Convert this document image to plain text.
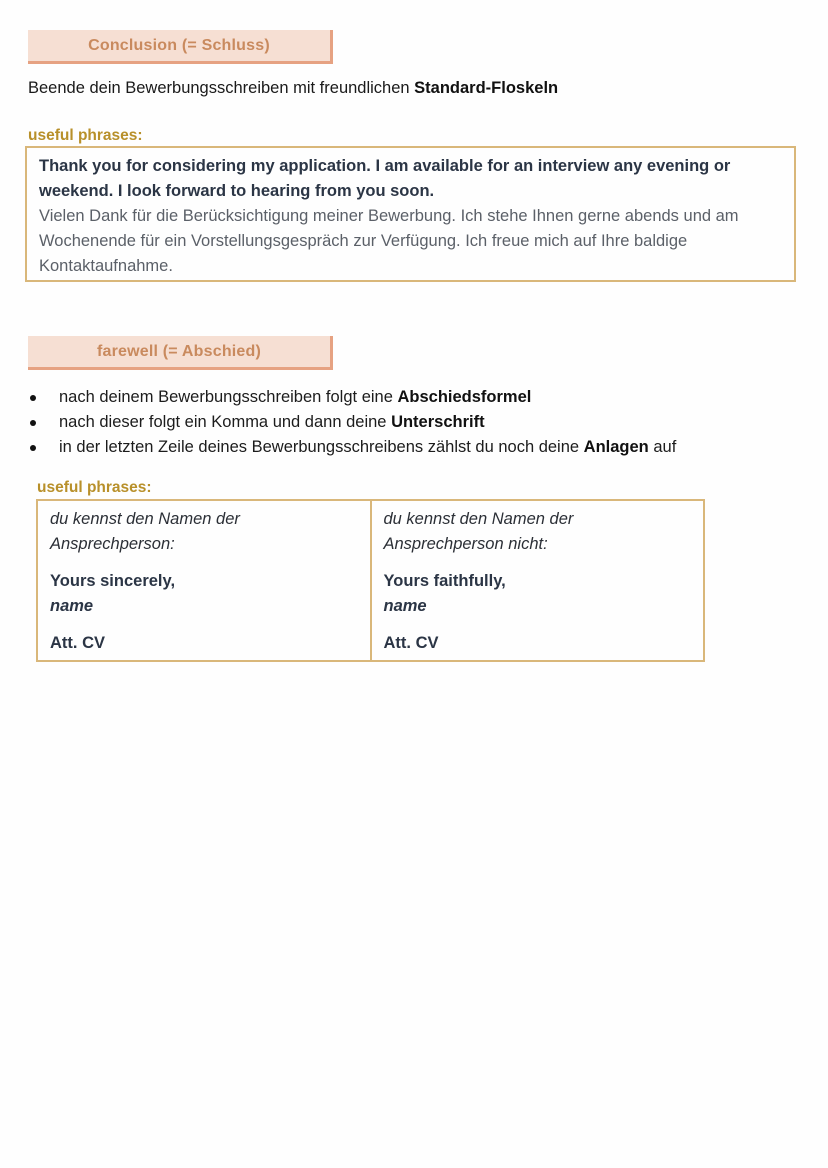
Conclusion (= Schluss)
Beende dein Bewerbungsschreiben mit freundlichen Standard-Floskeln
useful phrases:
Thank you for considering my application. I am available for an interview any evening or weekend. I look forward to hearing from you soon.
Vielen Dank für die Berücksichtigung meiner Bewerbung. Ich stehe Ihnen gerne abends und am Wochenende für ein Vorstellungsgespräch zur Verfügung. Ich freue mich auf Ihre baldige Kontaktaufnahme.
farewell (= Abschied)
nach deinem Bewerbungsschreiben folgt eine Abschiedsformel
nach dieser folgt ein Komma und dann deine Unterschrift
in der letzten Zeile deines Bewerbungsschreibens zählst du noch deine Anlagen auf
useful phrases:
du kennst den Namen der
Ansprechperson:
Yours sincerely,
name
Att. CV
du kennst den Namen der
Ansprechperson nicht:
Yours faithfully,
name
Att. CV
